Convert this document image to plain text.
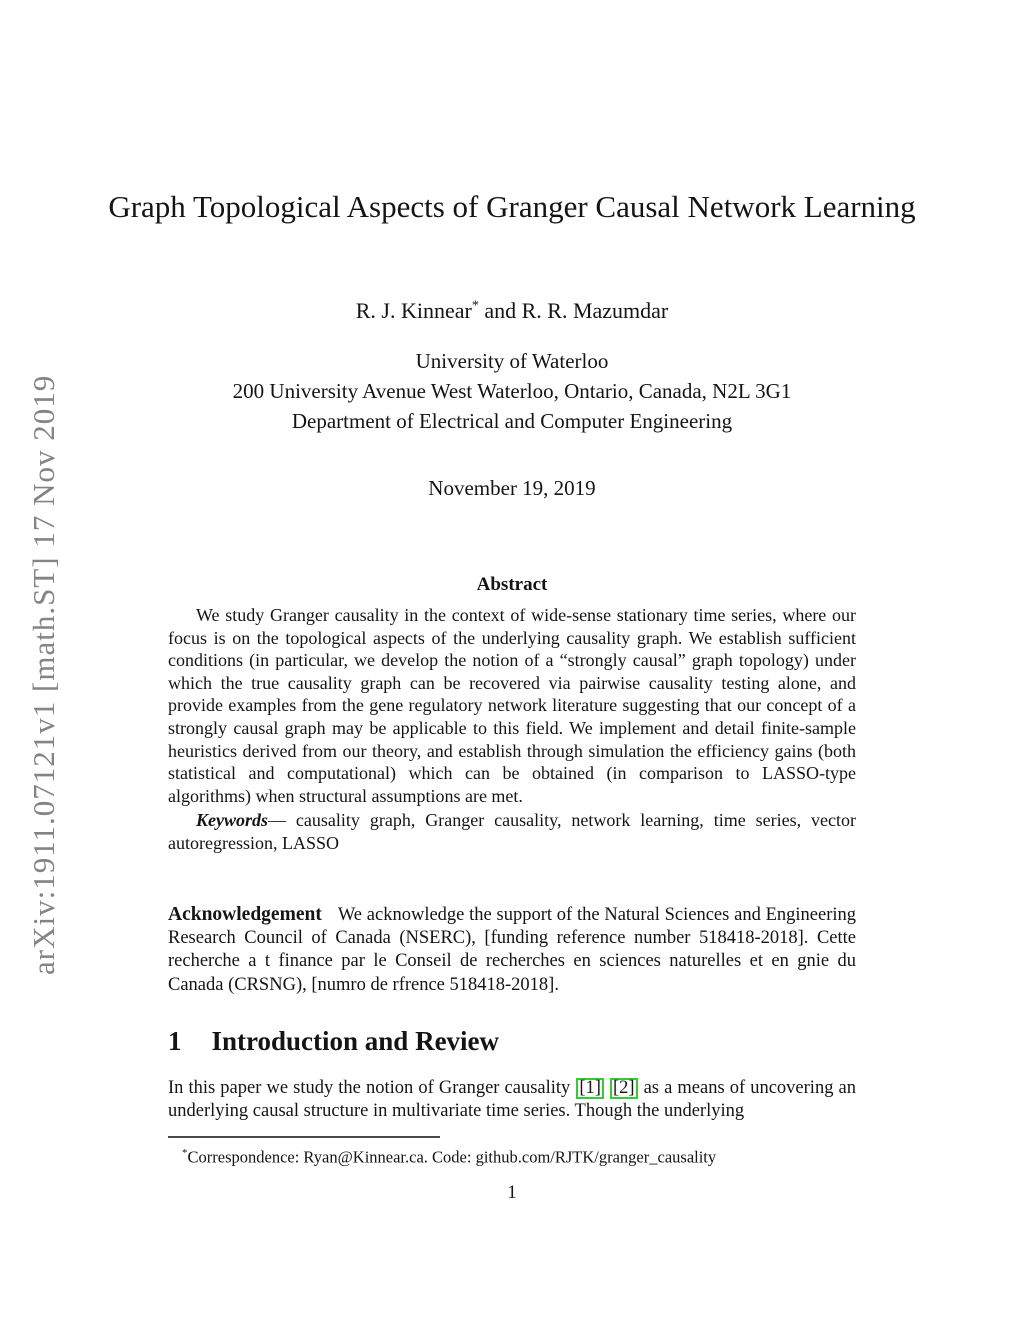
arXiv:1911.07121v1 [math.ST] 17 Nov 2019
Graph Topological Aspects of Granger Causal Network Learning
R. J. Kinnear* and R. R. Mazumdar
University of Waterloo
200 University Avenue West Waterloo, Ontario, Canada, N2L 3G1
Department of Electrical and Computer Engineering
November 19, 2019
Abstract

We study Granger causality in the context of wide-sense stationary time series, where our focus is on the topological aspects of the underlying causality graph. We establish sufficient conditions (in particular, we develop the notion of a “strongly causal” graph topology) under which the true causality graph can be recovered via pairwise causality testing alone, and provide examples from the gene regulatory network literature suggesting that our concept of a strongly causal graph may be applicable to this field. We implement and detail finite-sample heuristics derived from our theory, and establish through simulation the efficiency gains (both statistical and computational) which can be obtained (in comparison to LASSO-type algorithms) when structural assumptions are met.

Keywords— causality graph, Granger causality, network learning, time series, vector autoregression, LASSO

Acknowledgement We acknowledge the support of the Natural Sciences and Engineering Research Council of Canada (NSERC), [funding reference number 518418-2018]. Cette recherche a t finance par le Conseil de recherches en sciences naturelles et en gnie du Canada (CRSNG), [numro de rfrence 518418-2018].

1 Introduction and Review

In this paper we study the notion of Granger causality [1] [2] as a means of uncovering an underlying causal structure in multivariate time series. Though the underlying

*Correspondence: Ryan@Kinnear.ca. Code: github.com/RJTK/granger_causality

1
